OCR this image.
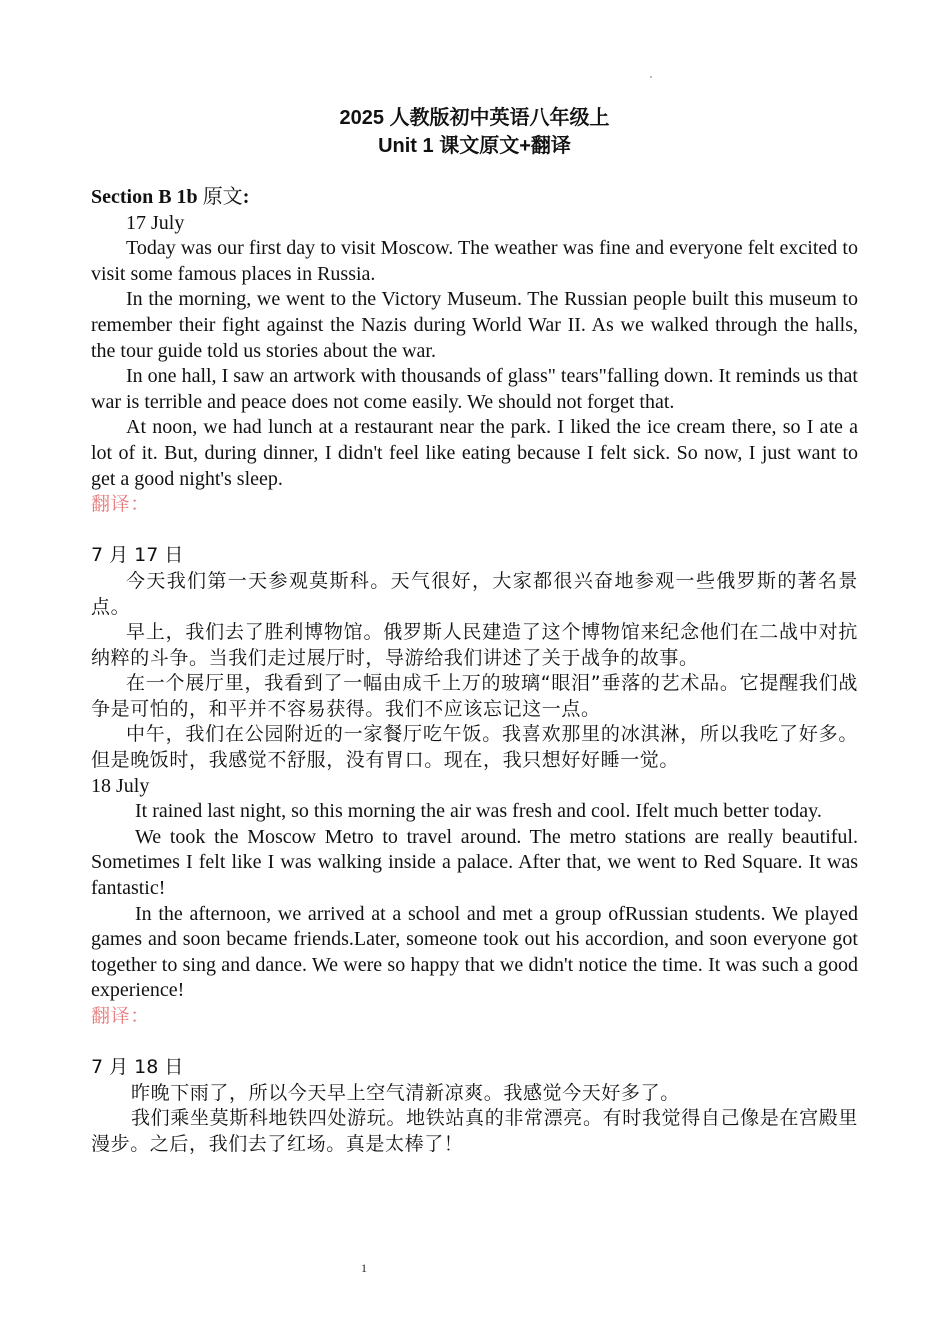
2025 人教版初中英语八年级上
Unit 1 课文原文+翻译

Section B 1b 原文:

17 July

Today was our first day to visit Moscow. The weather was fine and everyone felt excited to visit some famous places in Russia.

In the morning, we went to the Victory Museum. The Russian people built this museum to remember their fight against the Nazis during World War II. As we walked through the halls, the tour guide told us stories about the war.

In one hall, I saw an artwork with thousands of glass" tears"falling down. It reminds us that war is terrible and peace does not come easily. We should not forget that.

At noon, we had lunch at a restaurant near the park. I liked the ice cream there, so I ate a lot of it. But, during dinner, I didn't feel like eating because I felt sick. So now, I just want to get a good night's sleep.

翻译：

7 月 17 日

今天我们第一天参观莫斯科。天气很好，大家都很兴奋地参观一些俄罗斯的著名景点。

早上，我们去了胜利博物馆。俄罗斯人民建造了这个博物馆来纪念他们在二战中对抗纳粹的斗争。当我们走过展厅时，导游给我们讲述了关于战争的故事。

在一个展厅里，我看到了一幅由成千上万的玻璃“眼泪”垂落的艺术品。它提醒我们战争是可怕的，和平并不容易获得。我们不应该忘记这一点。

中午，我们在公园附近的一家餐厅吃午饭。我喜欢那里的冰淇淋，所以我吃了好多。但是晚饭时，我感觉不舒服，没有胃口。现在，我只想好好睡一觉。

18 July

It rained last night, so this morning the air was fresh and cool. Ifelt much better today.

We took the Moscow Metro to travel around. The metro stations are really beautiful. Sometimes I felt like I was walking inside a palace. After that, we went to Red Square. It was fantastic!

In the afternoon, we arrived at a school and met a group ofRussian students. We played games and soon became friends.Later, someone took out his accordion, and soon everyone got together to sing and dance. We were so happy that we didn't notice the time. It was such a good experience!

翻译：

7 月 18 日

昨晚下雨了，所以今天早上空气清新凉爽。我感觉今天好多了。

我们乘坐莫斯科地铁四处游玩。地铁站真的非常漂亮。有时我觉得自己像是在宫殿里漫步。之后，我们去了红场。真是太棒了！

1
